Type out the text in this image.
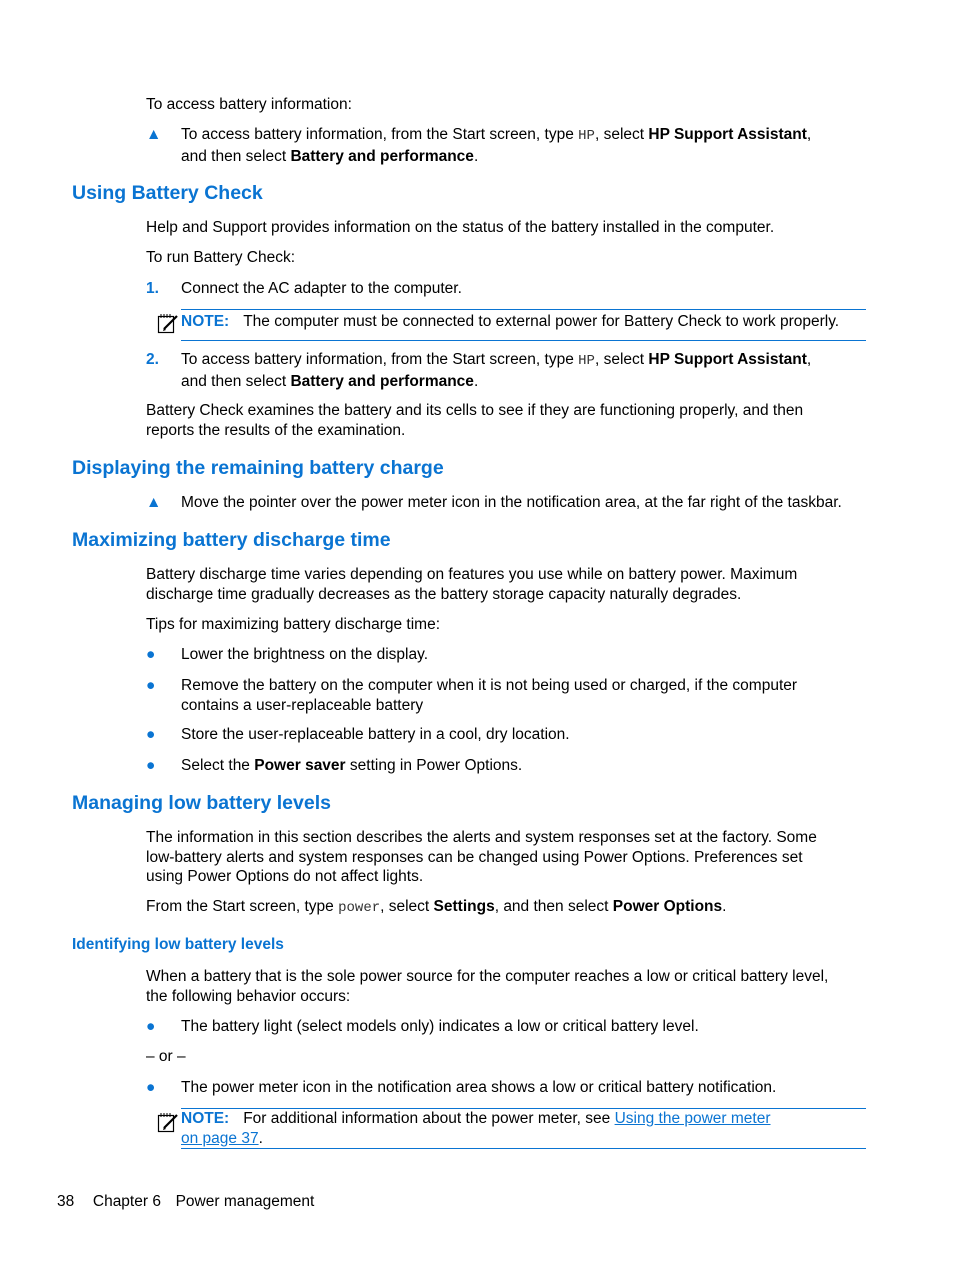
To access battery information:
▲	To access battery information, from the Start screen, type HP, select HP Support Assistant,
and then select Battery and performance.
Using Battery Check
Help and Support provides information on the status of the battery installed in the computer.
To run Battery Check:
1.	Connect the AC adapter to the computer.
NOTE: The computer must be connected to external power for Battery Check to work properly.
2.	To access battery information, from the Start screen, type HP, select HP Support Assistant,
and then select Battery and performance.
Battery Check examines the battery and its cells to see if they are functioning properly, and then
reports the results of the examination.
Displaying the remaining battery charge
▲	Move the pointer over the power meter icon in the notification area, at the far right of the taskbar.
Maximizing battery discharge time
Battery discharge time varies depending on features you use while on battery power. Maximum
discharge time gradually decreases as the battery storage capacity naturally degrades.
Tips for maximizing battery discharge time:
●	Lower the brightness on the display.
●	Remove the battery on the computer when it is not being used or charged, if the computer
contains a user-replaceable battery
●	Store the user-replaceable battery in a cool, dry location.
●	Select the Power saver setting in Power Options.
Managing low battery levels
The information in this section describes the alerts and system responses set at the factory. Some
low-battery alerts and system responses can be changed using Power Options. Preferences set
using Power Options do not affect lights.
From the Start screen, type power, select Settings, and then select Power Options.
Identifying low battery levels
When a battery that is the sole power source for the computer reaches a low or critical battery level,
the following behavior occurs:
●	The battery light (select models only) indicates a low or critical battery level.
– or –
●	The power meter icon in the notification area shows a low or critical battery notification.
NOTE: For additional information about the power meter, see Using the power meter
on page 37.
38 Chapter 6 Power management
